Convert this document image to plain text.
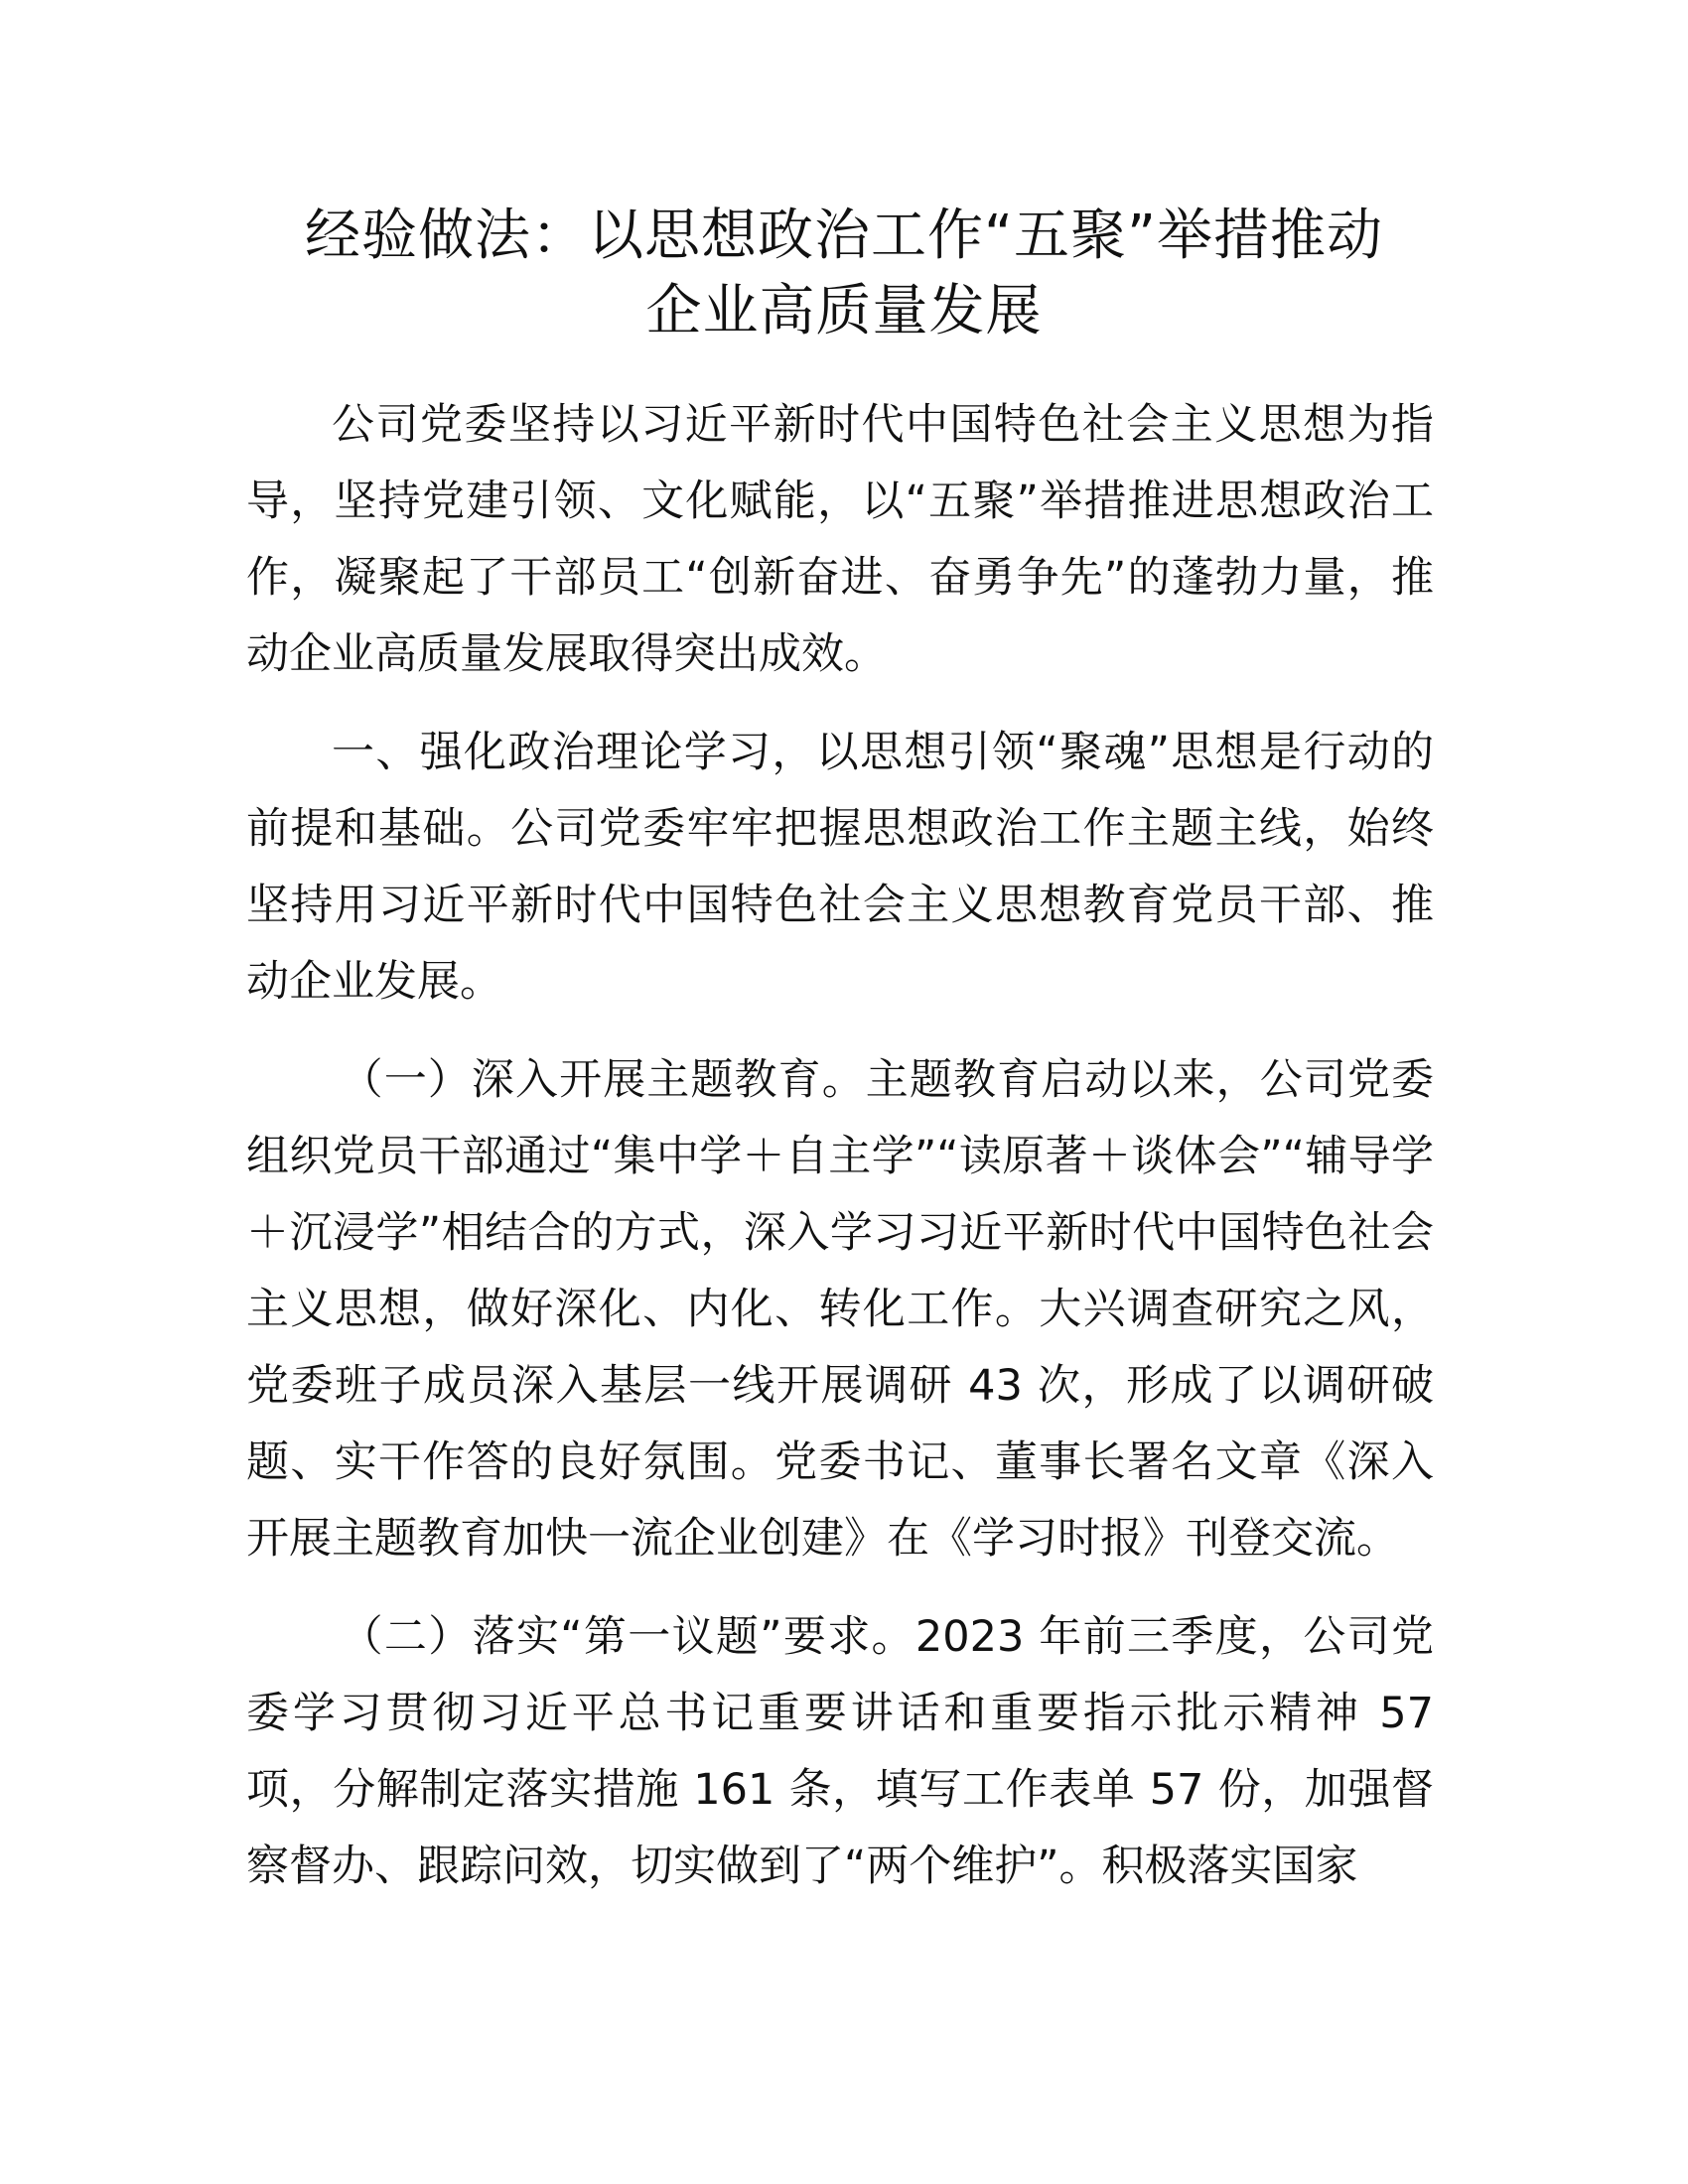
经验做法：以思想政治工作“五聚”举措推动
企业高质量发展

公司党委坚持以习近平新时代中国特色社会主义思想为指导，坚持党建引领、文化赋能，以“五聚”举措推进思想政治工作，凝聚起了干部员工“创新奋进、奋勇争先”的蓬勃力量，推动企业高质量发展取得突出成效。

一、强化政治理论学习，以思想引领“聚魂”思想是行动的前提和基础。公司党委牢牢把握思想政治工作主题主线，始终坚持用习近平新时代中国特色社会主义思想教育党员干部、推动企业发展。

（一）深入开展主题教育。主题教育启动以来，公司党委组织党员干部通过“集中学＋自主学”“读原著＋谈体会”“辅导学＋沉浸学”相结合的方式，深入学习习近平新时代中国特色社会主义思想，做好深化、内化、转化工作。大兴调查研究之风，党委班子成员深入基层一线开展调研 43 次，形成了以调研破题、实干作答的良好氛围。党委书记、董事长署名文章《深入开展主题教育加快一流企业创建》在《学习时报》刊登交流。

（二）落实“第一议题”要求。2023 年前三季度，公司党委学习贯彻习近平总书记重要讲话和重要指示批示精神 57 项，分解制定落实措施 161 条，填写工作表单 57 份，加强督察督办、跟踪问效，切实做到了“两个维护”。积极落实国家
